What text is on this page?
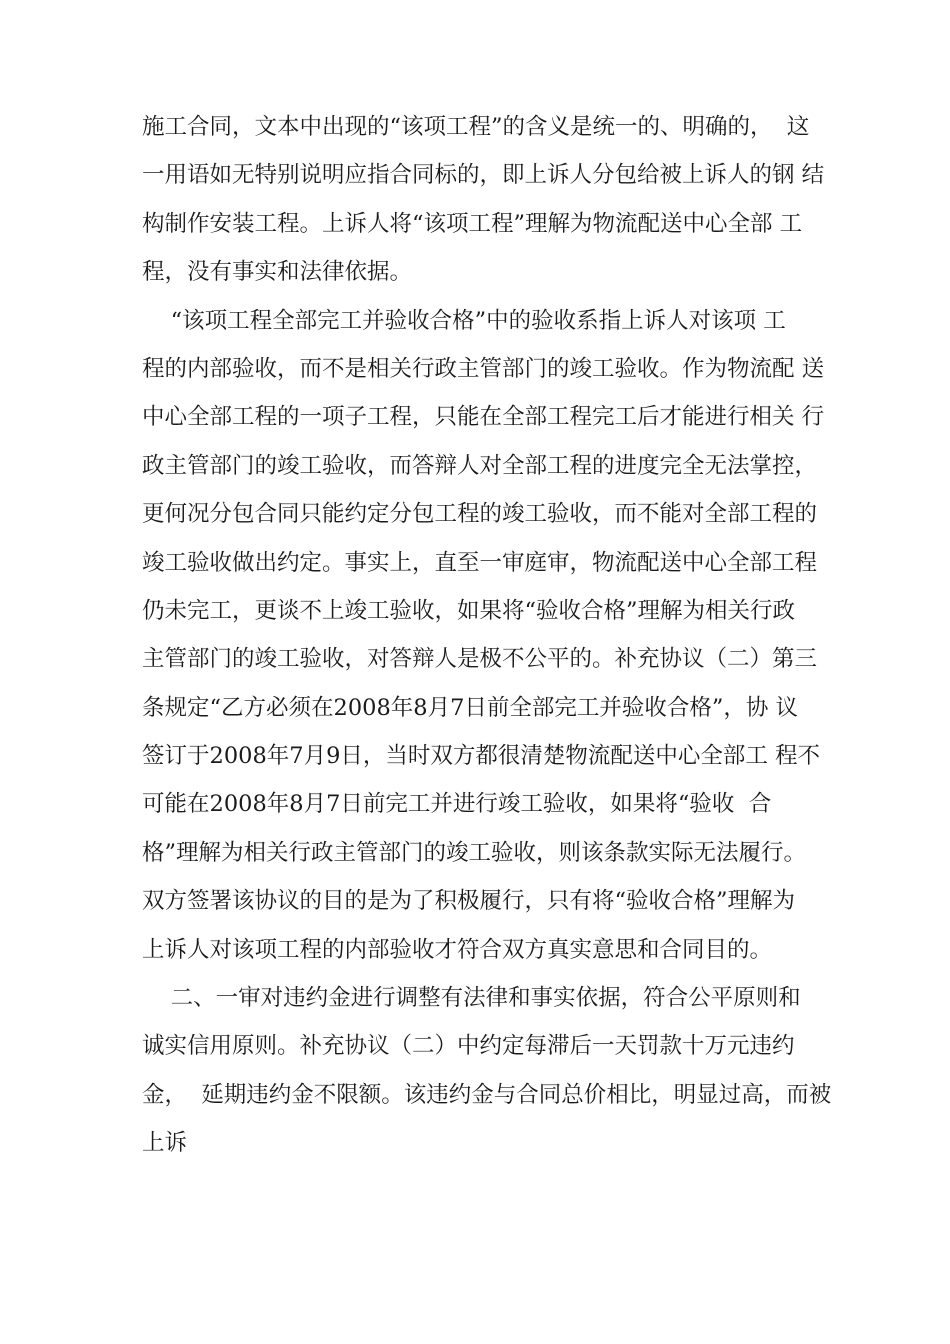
施工合同，文本中出现的“该项工程”的含义是统一的、明确的，  这
一用语如无特别说明应指合同标的，即上诉人分包给被上诉人的钢 结
构制作安装工程。上诉人将“该项工程”理解为物流配送中心全部 工
程，没有事实和法律依据。
“该项工程全部完工并验收合格”中的验收系指上诉人对该项 工
程的内部验收，而不是相关行政主管部门的竣工验收。作为物流配 送
中心全部工程的一项子工程，只能在全部工程完工后才能进行相关 行
政主管部门的竣工验收，而答辩人对全部工程的进度完全无法掌控，
更何况分包合同只能约定分包工程的竣工验收，而不能对全部工程的
竣工验收做出约定。事实上，直至一审庭审，物流配送中心全部工程
仍未完工，更谈不上竣工验收，如果将“验收合格”理解为相关行政
主管部门的竣工验收，对答辩人是极不公平的。补充协议（二）第三
条规定“乙方必须在2008年8月7日前全部完工并验收合格”，协 议
签订于2008年7月9日，当时双方都很清楚物流配送中心全部工 程不
可能在2008年8月7日前完工并进行竣工验收，如果将“验收  合
格”理解为相关行政主管部门的竣工验收，则该条款实际无法履行。
双方签署该协议的目的是为了积极履行，只有将“验收合格”理解为
上诉人对该项工程的内部验收才符合双方真实意思和合同目的。
二、一审对违约金进行调整有法律和事实依据，符合公平原则和
诚实信用原则。补充协议（二）中约定每滞后一天罚款十万元违约
金，  延期违约金不限额。该违约金与合同总价相比，明显过高，而被
上诉
